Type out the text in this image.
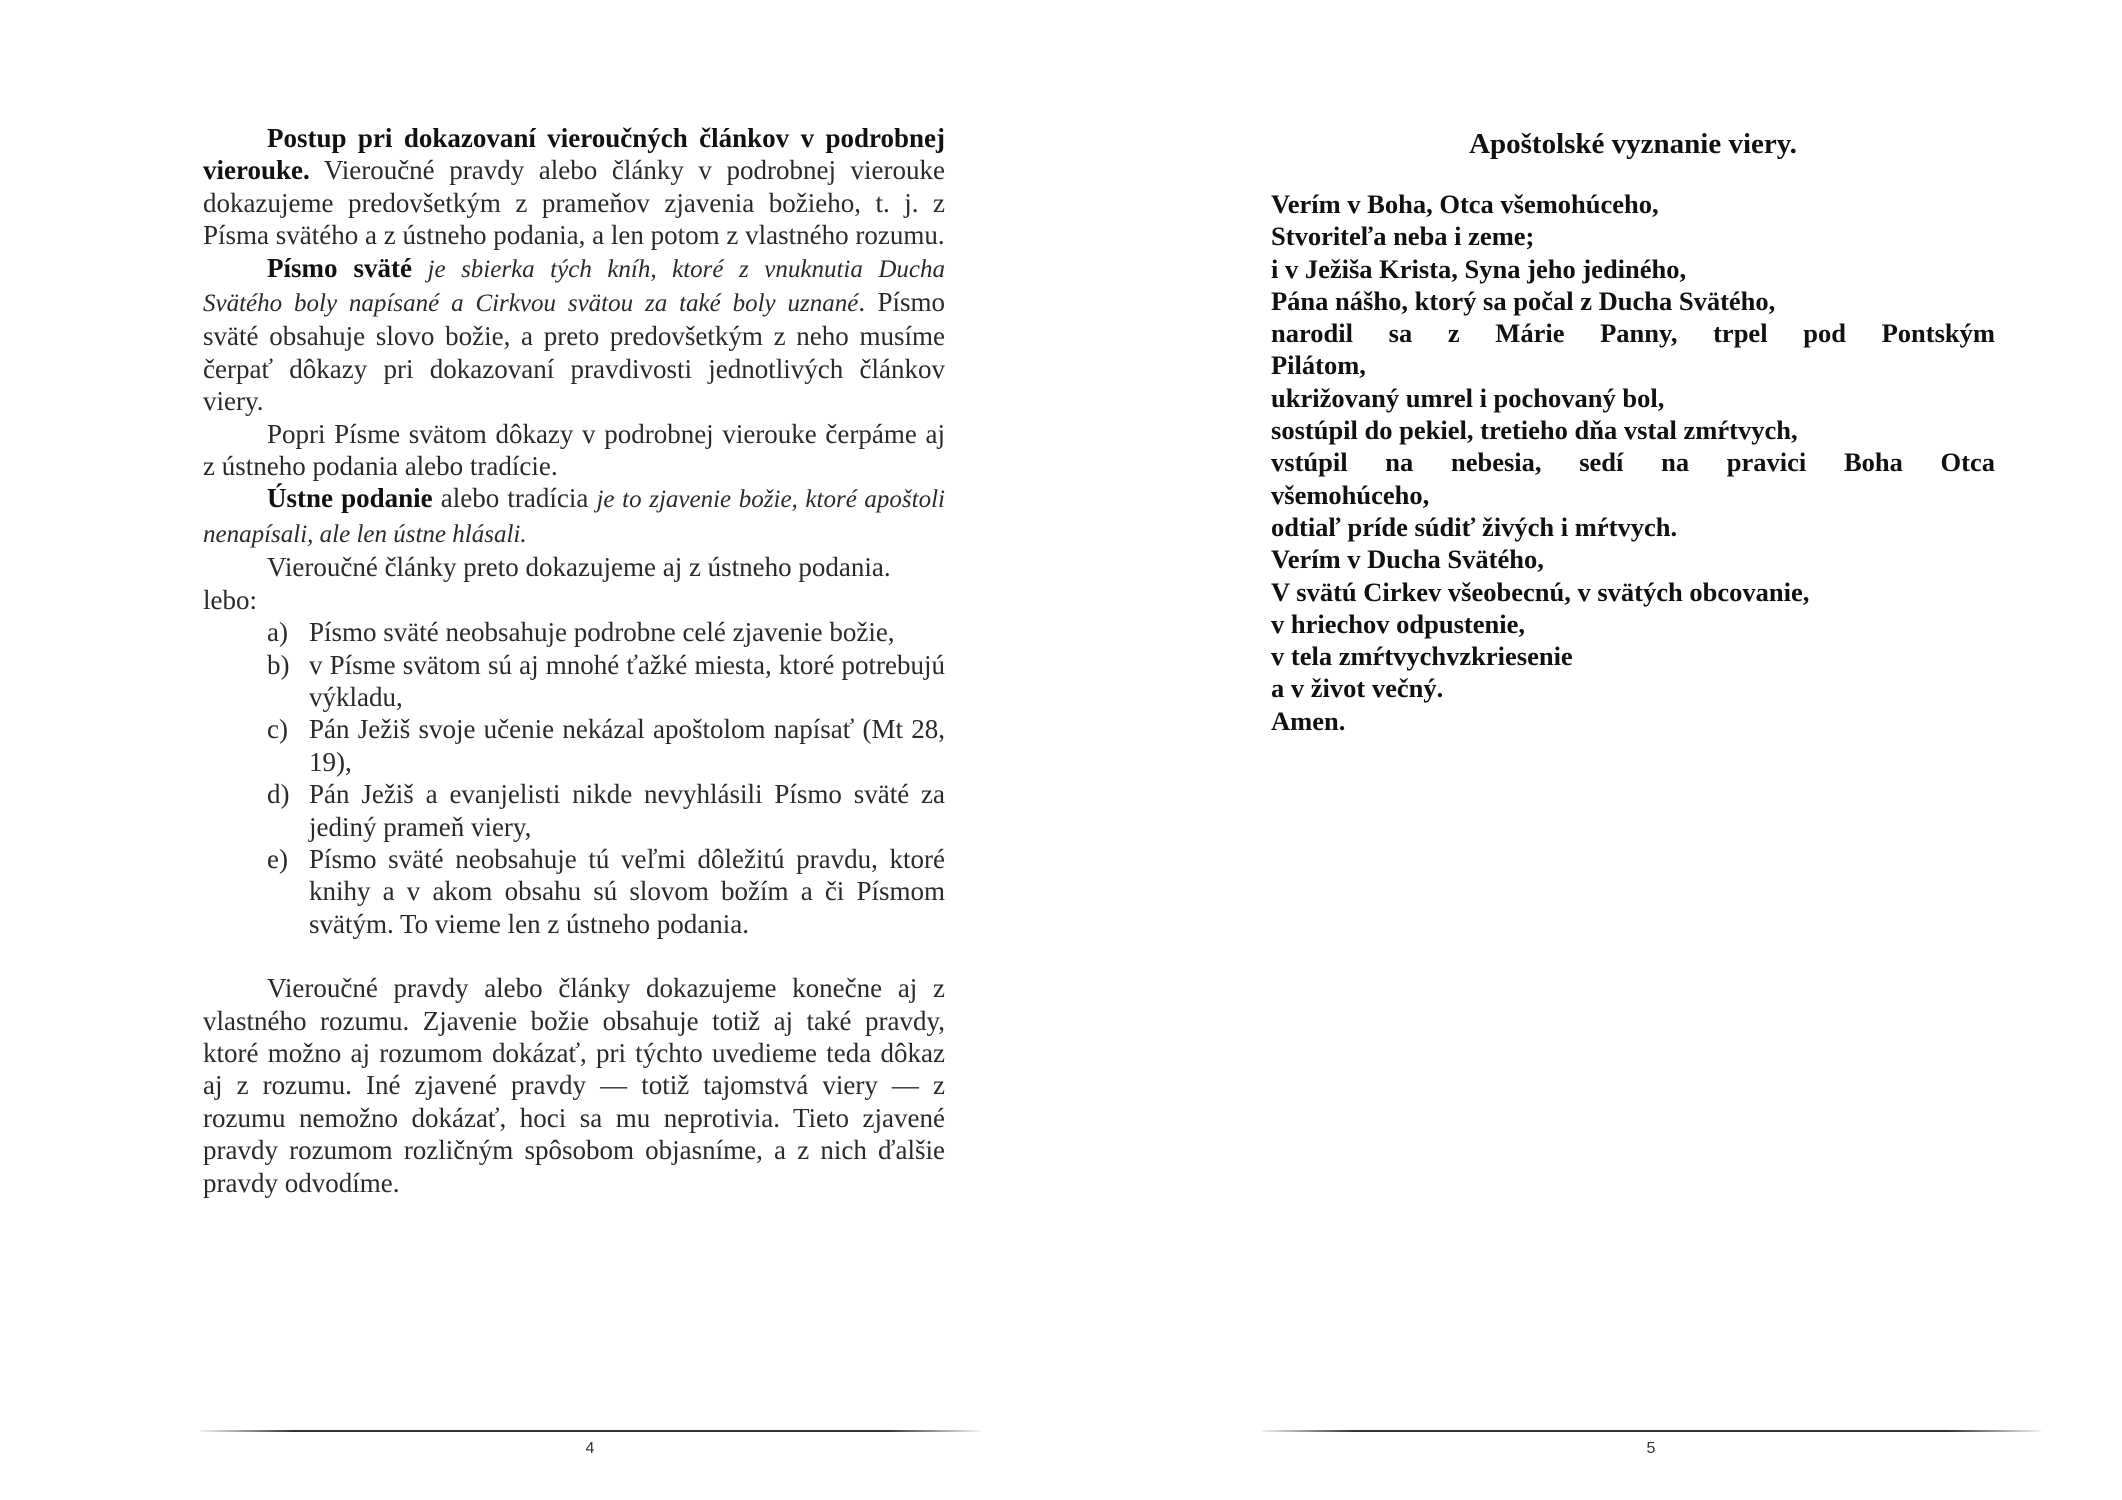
Postup pri dokazovaní vieroučných článkov v podrobnej vierouke. Vieroučné pravdy alebo články v podrobnej vierouke dokazujeme predovšetkým z prameňov zjavenia božieho, t. j. z Písma svätého a z ústneho podania, a len potom z vlastného rozumu.

Písmo sväté je sbierka tých kníh, ktoré z vnuknutia Ducha Svätého boly napísané a Cirkvou svätou za také boly uznané. Písmo sväté obsahuje slovo božie, a preto predovšetkým z neho musíme čerpať dôkazy pri dokazovaní pravdivosti jednotlivých článkov viery.

Popri Písme svätom dôkazy v podrobnej vierouke čerpáme aj z ústneho podania alebo tradície.

Ústne podanie alebo tradícia je to zjavenie božie, ktoré apoštoli nenapísali, ale len ústne hlásali.

Vieroučné články preto dokazujeme aj z ústneho podania.

lebo:

a) Písmo sväté neobsahuje podrobne celé zjavenie božie,
b) v Písme svätom sú aj mnohé ťažké miesta, ktoré potrebujú výkladu,
c) Pán Ježiš svoje učenie nekázal apoštolom napísať (Mt 28, 19),
d) Pán Ježiš a evanjelisti nikde nevyhlásili Písmo sväté za jediný prameň viery,
e) Písmo sväté neobsahuje tú veľmi dôležitú pravdu, ktoré knihy a v akom obsahu sú slovom božím a či Písmom svätým. To vieme len z ústneho podania.

Vieroučné pravdy alebo články dokazujeme konečne aj z vlastného rozumu. Zjavenie božie obsahuje totiž aj také pravdy, ktoré možno aj rozumom dokázať, pri týchto uvedieme teda dôkaz aj z rozumu. Iné zjavené pravdy — totiž tajomstvá viery — z rozumu nemožno dokázať, hoci sa mu neprotivia. Tieto zjavené pravdy rozumom rozličným spôsobom objasníme, a z nich ďalšie pravdy odvodíme.

4
Apoštolské vyznanie viery.
Verím v Boha, Otca všemohúceho,
Stvoriteľa neba i zeme;
i v Ježiša Krista, Syna jeho jediného,
Pána nášho, ktorý sa počal z Ducha Svätého,
narodil sa z Márie Panny, trpel pod Pontským
Pilátom,
ukrižovaný umrel i pochovaný bol,
sostúpil do pekiel, tretieho dňa vstal zmŕtvych,
vstúpil na nebesia, sedí na pravici Boha Otca
všemohúceho,
odtiaľ príde súdiť živých i mŕtvych.
Verím v Ducha Svätého,
V svätú Cirkev všeobecnú, v svätých obcovanie,
v hriechov odpustenie,
v tela zmŕtvychvzkriesenie
a v život večný.
Amen.
5
